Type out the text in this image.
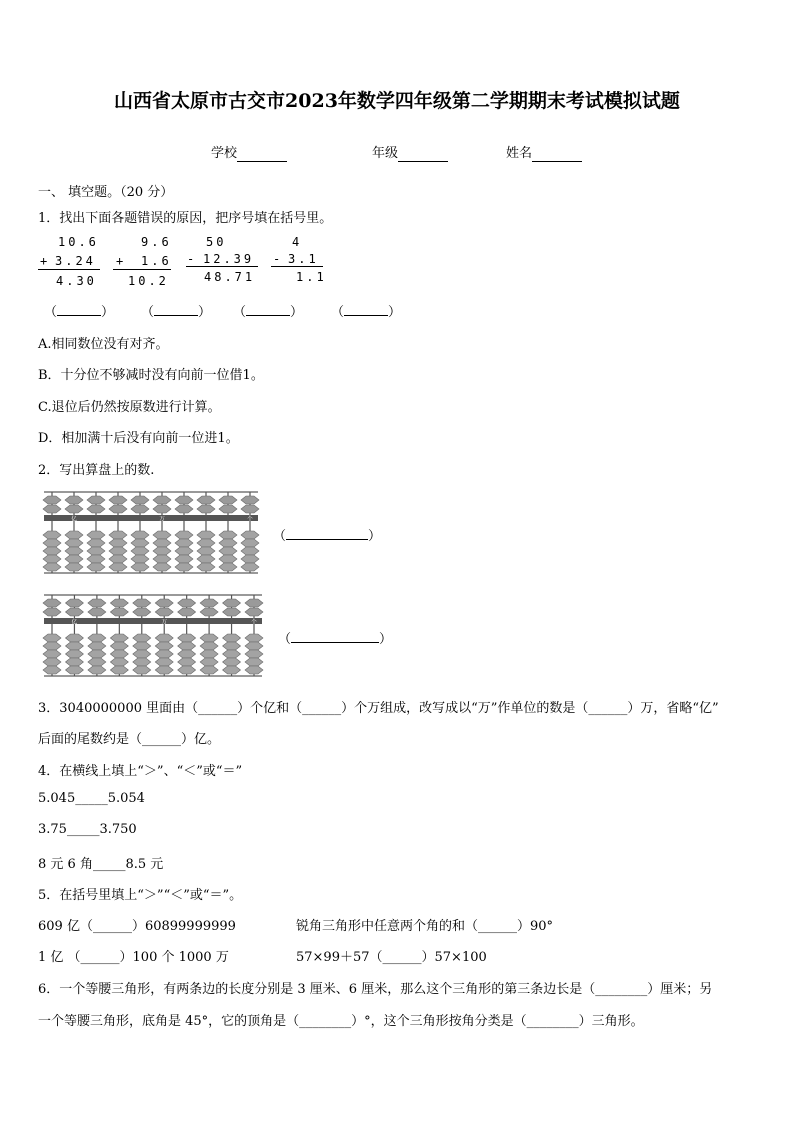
山西省太原市古交市2023年数学四年级第二学期期末考试模拟试题
学校	年级	姓名
一、 填空题。（20 分）
1．找出下面各题错误的原因，把序号填在括号里。
10.6
+ 3.24
4.30
9.6
+ 1.6
10.2
50
- 12.39
48.71
4
- 3.1
1.1
（	） （	） （	） （	）
A.相同数位没有对齐。
B．十分位不够减时没有向前一位借1。
C.退位后仍然按原数进行计算。
D．相加满十后没有向前一位进1。
2．写出算盘上的数.
亿	万	个
（	）
亿	万	个
（	）
3．3040000000 里面由（______）个亿和（______）个万组成，改写成以“万”作单位的数是（______）万，省略“亿”
后面的尾数约是（______）亿。
4．在横线上填上“＞”、“＜”或“＝”
5.045_____5.054
3.75_____3.750
8 元 6 角_____8.5 元
5．在括号里填上“＞”“＜”或“＝”。
609 亿（______）60899999999	锐角三角形中任意两个角的和（______）90°
1 亿 （______）100 个 1000 万	57×99＋57（______）57×100
6．一个等腰三角形，有两条边的长度分别是 3 厘米、6 厘米，那么这个三角形的第三条边长是（________）厘米；另
一个等腰三角形，底角是 45°，它的顶角是（________）°，这个三角形按角分类是（________）三角形。
